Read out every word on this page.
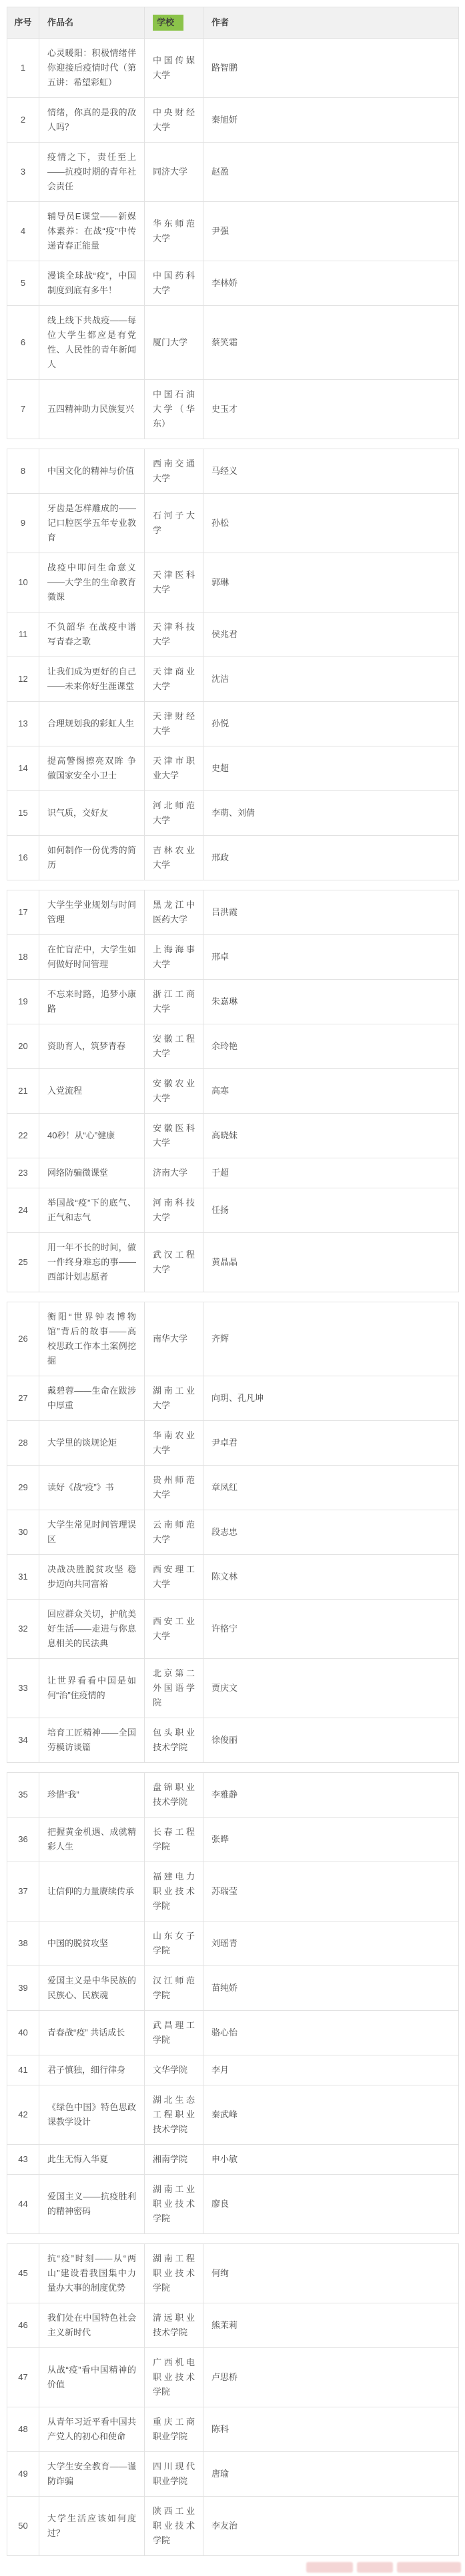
序号	作品名	学校	作者
1	心灵暖阳：积极情绪伴你迎接后疫情时代（第五讲：希望彩虹）	中国传媒大学	路智鹏
2	情绪，你真的是我的敌人吗？	中央财经大学	秦旭妍
3	疫情之下，责任至上——抗疫时期的青年社会责任	同济大学	赵盈
4	辅导员E课堂——新媒体素养：在战“疫”中传递青春正能量	华东师范大学	尹强
5	漫谈全球战“疫”，中国制度到底有多牛！	中国药科大学	李林娇
6	线上线下共战疫——每位大学生都应是有党性、人民性的青年新闻人	厦门大学	蔡笑霜
7	五四精神助力民族复兴	中国石油大学（华东）	史玉才
8	中国文化的精神与价值	西南交通大学	马经义
9	牙齿是怎样雕成的——记口腔医学五年专业教育	石河子大学	孙松
10	战疫中叩问生命意义——大学生的生命教育微课	天津医科大学	郭琳
11	不负韶华 在战疫中谱写青春之歌	天津科技大学	侯兆君
12	让我们成为更好的自己——未来你好生涯课堂	天津商业大学	沈洁
13	合理规划我的彩虹人生	天津财经大学	孙悦
14	提高警惕擦亮双眸 争做国家安全小卫士	天津市职业大学	史超
15	识气质，交好友	河北师范大学	李萌、刘倩
16	如何制作一份优秀的简历	吉林农业大学	邢政
17	大学生学业规划与时间管理	黑龙江中医药大学	吕洪霞
18	在忙盲茫中，大学生如何做好时间管理	上海海事大学	邢卓
19	不忘来时路，追梦小康路	浙江工商大学	朱嘉琳
20	资助育人，筑梦青春	安徽工程大学	余玲艳
21	入党流程	安徽农业大学	高寒
22	40秒！从“心”健康	安徽医科大学	高晓妹
23	网络防骗微课堂	济南大学	于超
24	举国战“疫”下的底气、正气和志气	河南科技大学	任扬
25	用一年不长的时间，做一件终身难忘的事——西部计划志愿者	武汉工程大学	黄晶晶
26	衡阳“世界钟表博物馆”背后的故事——高校思政工作本土案例挖掘	南华大学	齐辉
27	戴碧蓉——生命在跋涉中厚重	湖南工业大学	向玥、孔凡坤
28	大学里的谈规论矩	华南农业大学	尹卓君
29	读好《战“疫”》书	贵州师范大学	章凤红
30	大学生常见时间管理误区	云南师范大学	段志忠
31	决战决胜脱贫攻坚 稳步迈向共同富裕	西安理工大学	陈文林
32	回应群众关切，护航美好生活——走进与你息息相关的民法典	西安工业大学	许格宁
33	让世界看看中国是如何“治”住疫情的	北京第二外国语学院	贾庆文
34	培育工匠精神——全国劳模访谈篇	包头职业技术学院	徐俊丽
35	珍惜“我”	盘锦职业技术学院	李雅静
36	把握黄金机遇、成就精彩人生	长春工程学院	张晔
37	让信仰的力量赓续传承	福建电力职业技术学院	苏瑞莹
38	中国的脱贫攻坚	山东女子学院	刘瑶青
39	爱国主义是中华民族的民族心、民族魂	汉江师范学院	苗纯娇
40	青春战“疫” 共话成长	武昌理工学院	骆心怡
41	君子慎独，细行律身	文华学院	李月
42	《绿色中国》特色思政课教学设计	湖北生态工程职业技术学院	秦武峰
43	此生无悔入华夏	湘南学院	申小敏
44	爱国主义——抗疫胜利的精神密码	湖南工业职业技术学院	廖良
45	抗“疫”时刻——从“两山”建设看我国集中力量办大事的制度优势	湖南工程职业技术学院	何绚
46	我们处在中国特色社会主义新时代	清远职业技术学院	熊茉莉
47	从战“疫”看中国精神的价值	广西机电职业技术学院	卢思桥
48	从青年习近平看中国共产党人的初心和使命	重庆工商职业学院	陈科
49	大学生安全教育——谨防诈骗	四川现代职业学院	唐瑜
50	大学生活应该如何度过？	陕西工业职业技术学院	李友治
